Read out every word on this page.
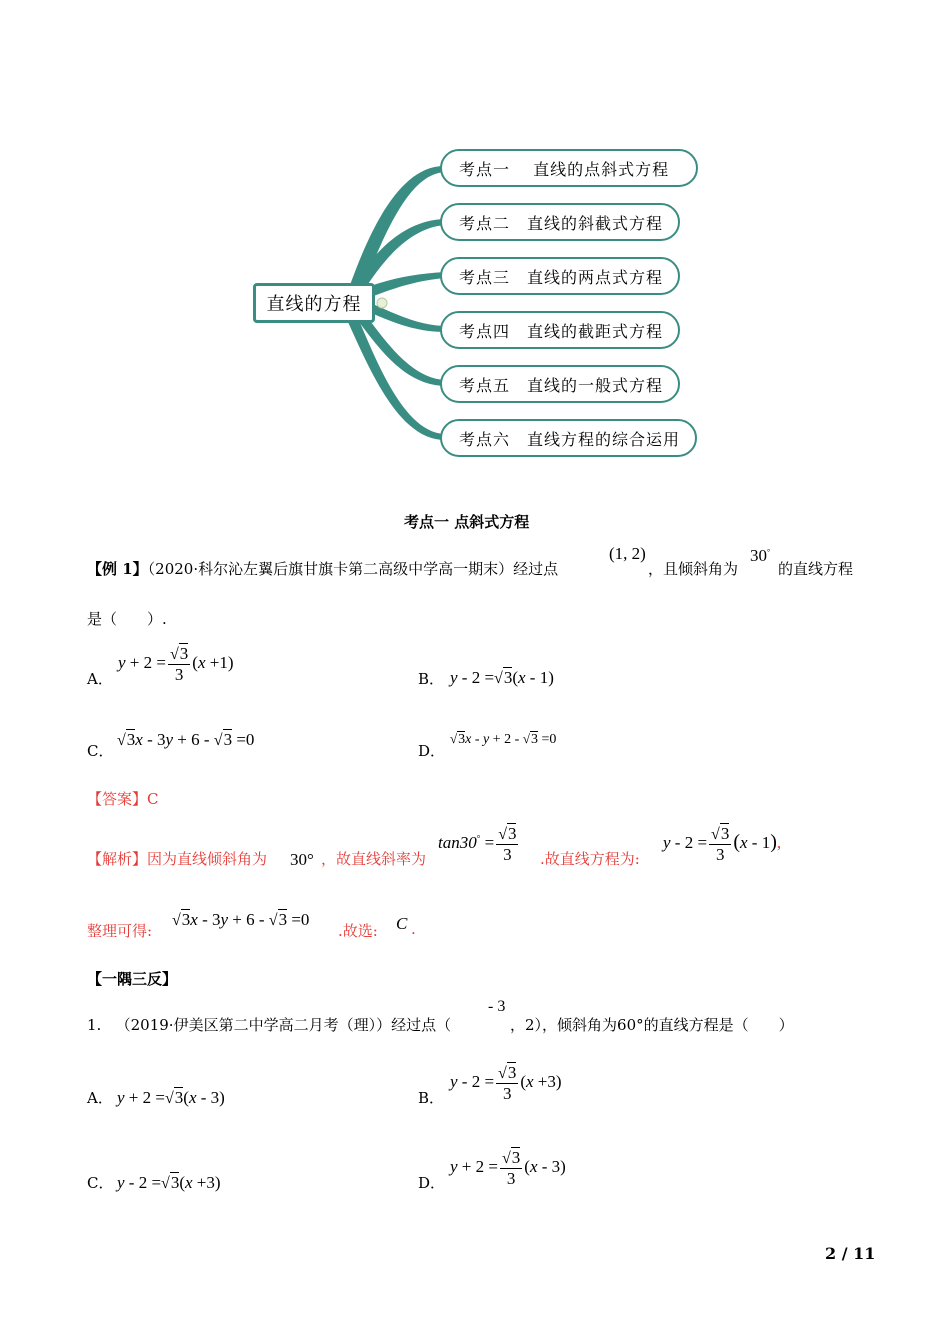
直线的方程
考点一　 直线的点斜式方程
考点二　直线的斜截式方程
考点三　直线的两点式方程
考点四　直线的截距式方程
考点五　直线的一般式方程
考点六　直线方程的综合运用
考点一 点斜式方程
【例 1】（2020·科尔沁左翼后旗甘旗卡第二高级中学高一期末）经过点
(1, 2)
，且倾斜角为
30°
的直线方程
是（　　）.
A．
$y + 2 = \frac{√3}{3} (x +1)$
B． y - 2 =√3(x - 1)
C．
√3x - 3y + 6 - √3 =0
D．
√3x - y + 2 - √3 =0
【答案】C
【解析】因为直线倾斜角为 30° ，故直线斜率为
$\tan 30^\circ = \frac{√3}{3}$ .故直线方程为:
$y - 2 = \frac{√3}{3} (x - 1)$,
整理可得:
√3x - 3y + 6 - √3 =0
.故选: C .
【一隅三反】
1. （2019·伊美区第二中学高二月考（理））经过点（
- 3
，2），倾斜角为60°的直线方程是（　　）
A． y + 2 =√3(x - 3)	B．
$y - 2 = \frac{√3}{3} (x +3)$
C． y - 2 =√3(x +3)	D．
$y + 2 = \frac{√3}{3} (x - 3)$
2 / 11
